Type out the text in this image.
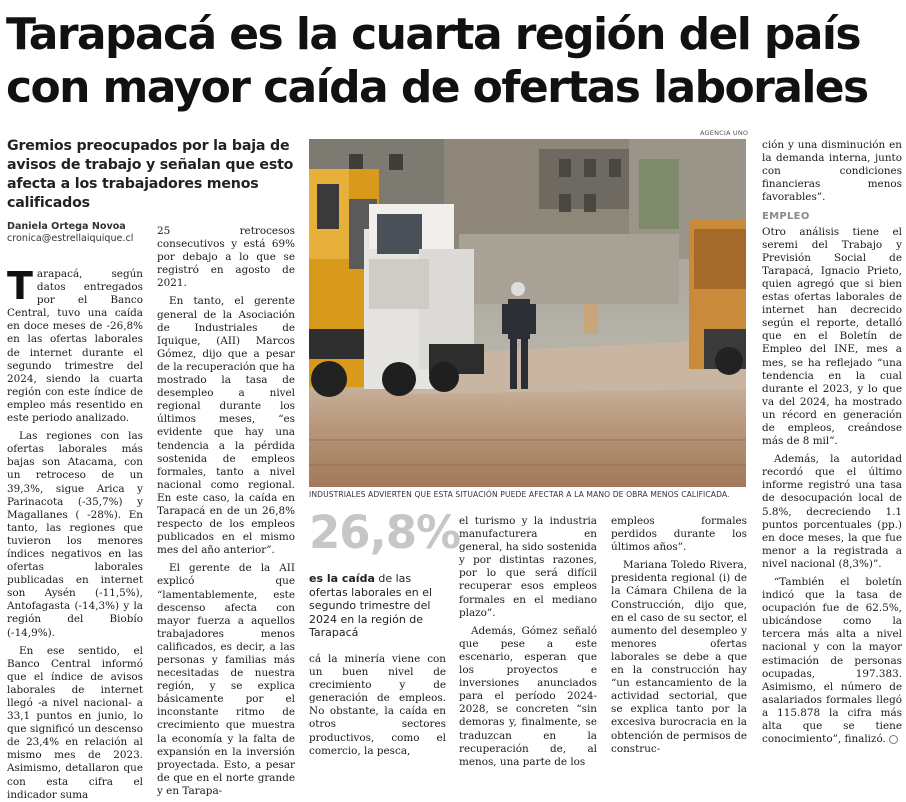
Tarapacá es la cuarta región del país
con mayor caída de ofertas laborales
Gremios preocupados por la baja de avisos de trabajo y señalan que esto afecta a los trabajadores menos calificados
Daniela Ortega Novoa
cronica@estrellaiquique.cl

Tarapacá, según datos entregados por el Banco Central, tuvo una caída en doce meses de -26,8% en las ofertas laborales de internet durante el segundo trimestre del 2024, siendo la cuarta región con este índice de empleo más resentido en este periodo analizado.

Las regiones con las ofertas laborales más bajas son Atacama, con un retroceso de un 39,3%, sigue Arica y Parinacota (-35,7%) y Magallanes ( -28%). En tanto, las regiones que tuvieron los menores índices negativos en las ofertas laborales publicadas en internet son Aysén (-11,5%), Antofagasta (-14,3%) y la región del Biobío (-14,9%).

En ese sentido, el Banco Central informó que el índice de avisos laborales de internet llegó -a nivel nacional- a 33,1 puntos en junio, lo que significó un descenso de 23,4% en relación al mismo mes de 2023. Asimismo, detallaron que con esta cifra el indicador suma

25 retrocesos consecutivos y está 69% por debajo a lo que se registró en agosto de 2021.

En tanto, el gerente general de la Asociación de Industriales de Iquique, (AII) Marcos Gómez, dijo que a pesar de la recuperación que ha mostrado la tasa de desempleo a nivel regional durante los últimos meses, “es evidente que hay una tendencia a la pérdida sostenida de empleos formales, tanto a nivel nacional como regional. En este caso, la caída en Tarapacá en de un 26,8% respecto de los empleos publicados en el mismo mes del año anterior”.

El gerente de la AII explicó que “lamentablemente, este descenso afecta con mayor fuerza a aquellos trabajadores menos calificados, es decir, a las personas y familias más necesitadas de nuestra región, y se explica básicamente por el inconstante ritmo de crecimiento que muestra la economía y la falta de expansión en la inversión proyectada. Esto, a pesar de que en el norte grande y en Tarapa-

AGENCIA UNO
INDUSTRIALES ADVIERTEN QUE ESTA SITUACIÓN PUEDE AFECTAR A LA MANO DE OBRA MENOS CALIFICADA.
26,8%
es la caída de las ofertas laborales en el segundo trimestre del 2024 en la región de Tarapacá

cá la minería viene con un buen nivel de crecimiento y de generación de empleos. No obstante, la caída en otros sectores productivos, como el comercio, la pesca,

el turismo y la industria manufacturera en general, ha sido sostenida y por distintas razones, por lo que será difícil recuperar esos empleos formales en el mediano plazo”.

Además, Gómez señaló que pese a este escenario, esperan que los proyectos e inversiones anunciados para el período 2024-2028, se concreten “sin demoras y, finalmente, se traduzcan en la recuperación de, al menos, una parte de los

empleos formales perdidos durante los últimos años”.

Mariana Toledo Rivera, presidenta regional (i) de la Cámara Chilena de la Construcción, dijo que, en el caso de su sector, el aumento del desempleo y menores ofertas laborales se debe a que en la construcción hay “un estancamiento de la actividad sectorial, que se explica tanto por la excesiva burocracia en la obtención de permisos de construc-

ción y una disminución en la demanda interna, junto con condiciones financieras menos favorables”.

EMPLEO

Otro análisis tiene el seremi del Trabajo y Previsión Social de Tarapacá, Ignacio Prieto, quien agregó que si bien estas ofertas laborales de internet han decrecido según el reporte, detalló que en el Boletín de Empleo del INE, mes a mes, se ha reflejado “una tendencia en la cual durante el 2023, y lo que va del 2024, ha mostrado un récord en generación de empleos, creándose más de 8 mil”.

Además, la autoridad recordó que el último informe registró una tasa de desocupación local de 5.8%, decreciendo 1.1 puntos porcentuales (pp.) en doce meses, la que fue menor a la registrada a nivel nacional (8,3%)”.

“También el boletín indicó que la tasa de ocupación fue de 62.5%, ubicándose como la tercera más alta a nivel nacional y con la mayor estimación de personas ocupadas, 197.383. Asimismo, el número de asalariados formales llegó a 115.878 la cifra más alta que se tiene conocimiento”, finalizó.
